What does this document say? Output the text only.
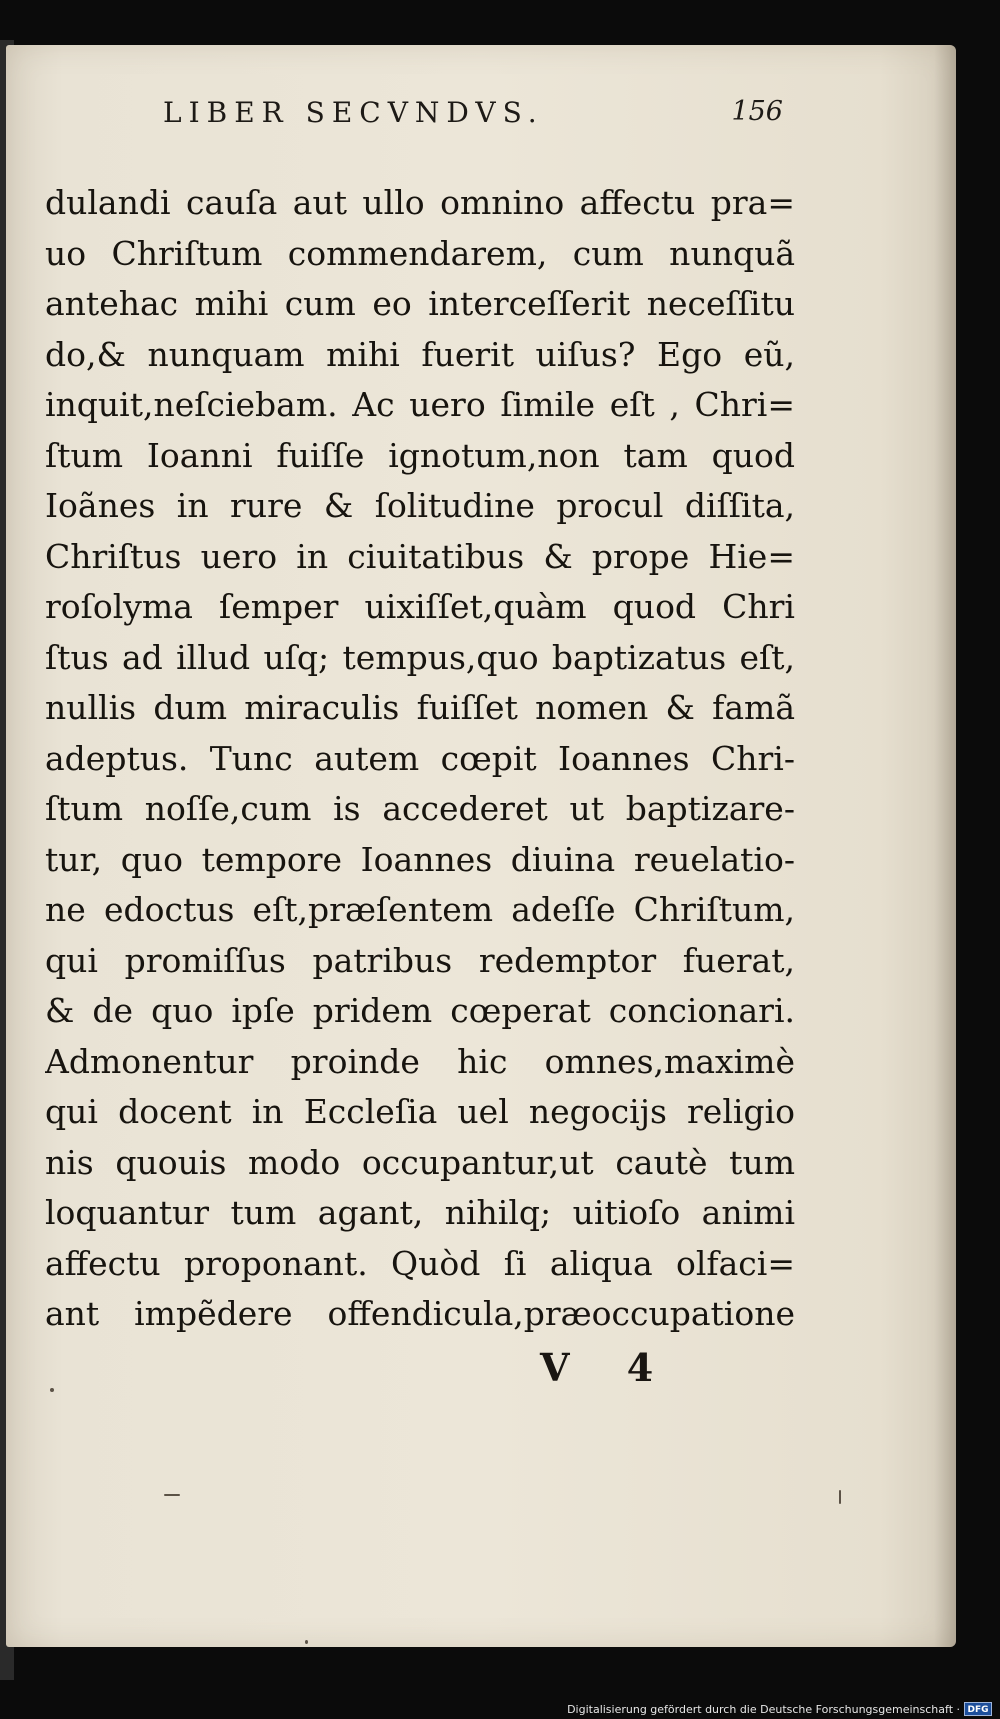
LIBER SECVNDVS.	156
dulandi cauſa aut ullo omnino affectu pra=
uo Chriſtum commendarem, cum nunquã
antehac mihi cum eo interceſſerit neceſſitu
do,& nunquam mihi fuerit uiſus? Ego eũ,
inquit,neſciebam. Ac uero ſimile eſt , Chri=
ſtum Ioanni fuiſſe ignotum,non tam quod
Ioãnes in rure & ſolitudine procul diſſita,
Chriſtus uero in ciuitatibus & prope Hie=
roſolyma ſemper uixiſſet,quàm quod Chri
ſtus ad illud uſq; tempus,quo baptizatus eſt,
nullis dum miraculis fuiſſet nomen & famã
adeptus. Tunc autem cœpit Ioannes Chri-
ſtum noſſe,cum is accederet ut baptizare-
tur, quo tempore Ioannes diuina reuelatio-
ne edoctus eſt,præſentem adeſſe Chriſtum,
qui promiſſus patribus redemptor fuerat,
& de quo ipſe pridem cœperat concionari.
Admonentur proinde hic omnes,maximè
qui docent in Eccleſia uel negocijs religio
nis quouis modo occupantur,ut cautè tum
loquantur tum agant, nihilq; uitioſo animi
affectu proponant. Quòd ſi aliqua olfaci=
ant impẽdere offendicula,præoccupatione
V 4
Digitalisierung gefördert durch die Deutsche Forschungsgemeinschaft · DFG
